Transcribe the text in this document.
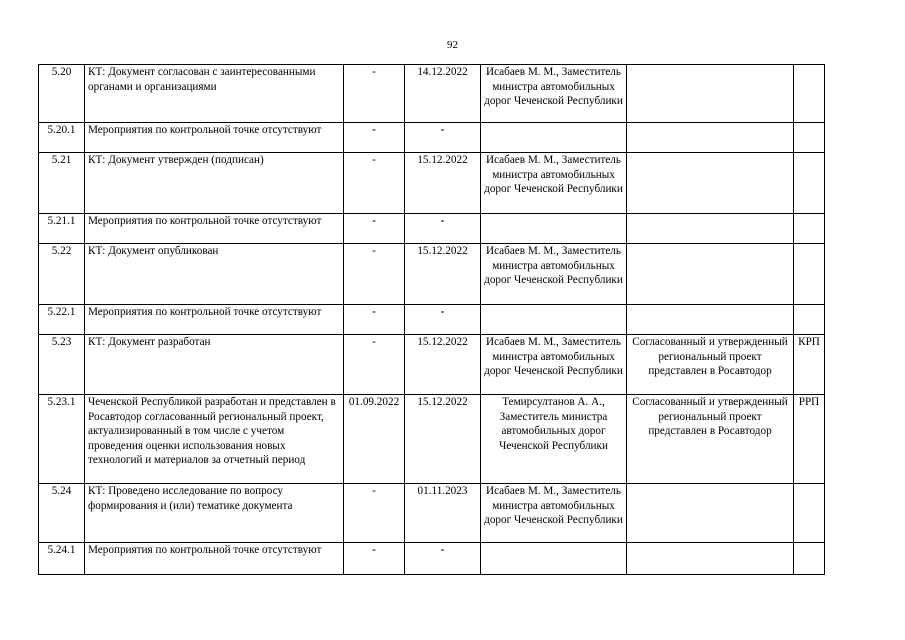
92
5.20	КТ: Документ согласован с заинтересованными органами и организациями	-	14.12.2022	Исабаев М. М., Заместитель министра автомобильных дорог Чеченской Республики		
5.20.1	Мероприятия по контрольной точке отсутствуют	-	-			
5.21	КТ: Документ утвержден (подписан)	-	15.12.2022	Исабаев М. М., Заместитель министра автомобильных дорог Чеченской Республики		
5.21.1	Мероприятия по контрольной точке отсутствуют	-	-			
5.22	КТ: Документ опубликован	-	15.12.2022	Исабаев М. М., Заместитель министра автомобильных дорог Чеченской Республики		
5.22.1	Мероприятия по контрольной точке отсутствуют	-	-			
5.23	КТ: Документ разработан	-	15.12.2022	Исабаев М. М., Заместитель министра автомобильных дорог Чеченской Республики	Согласованный и утвержденный региональный проект представлен в Росавтодор	КРП
5.23.1	Чеченской Республикой разработан и представлен в Росавтодор согласованный региональный проект, актуализированный в том числе с учетом проведения оценки использования новых технологий и материалов за отчетный период	01.09.2022	15.12.2022	Темирсултанов А. А., Заместитель министра автомобильных дорог Чеченской Республики	Согласованный и утвержденный региональный проект представлен в Росавтодор	РРП
5.24	КТ: Проведено исследование по вопросу формирования и (или) тематике документа	-	01.11.2023	Исабаев М. М., Заместитель министра автомобильных дорог Чеченской Республики		
5.24.1	Мероприятия по контрольной точке отсутствуют	-	-			
